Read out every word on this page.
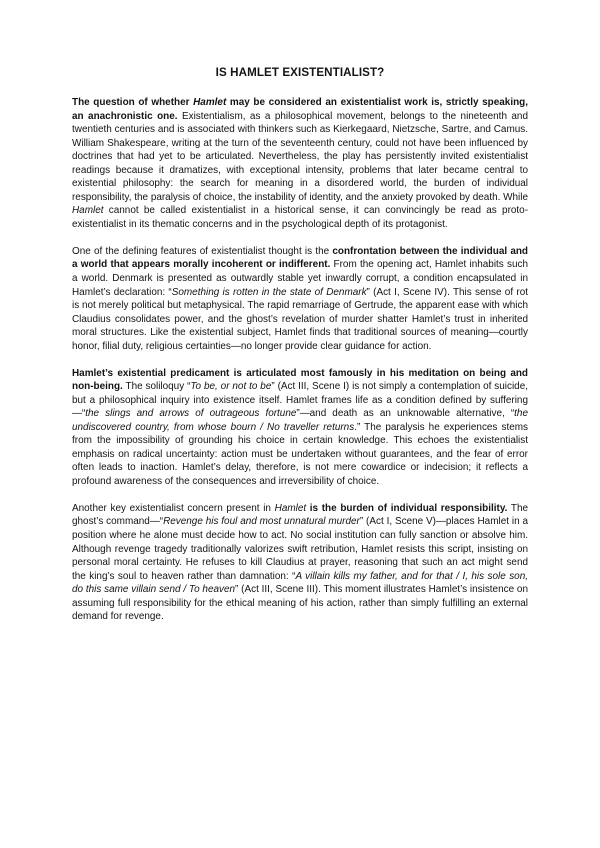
IS HAMLET EXISTENTIALIST?

The question of whether Hamlet may be considered an existentialist work is, strictly speaking, an anachronistic one. Existentialism, as a philosophical movement, belongs to the nineteenth and twentieth centuries and is associated with thinkers such as Kierkegaard, Nietzsche, Sartre, and Camus. William Shakespeare, writing at the turn of the seventeenth century, could not have been influenced by doctrines that had yet to be articulated. Nevertheless, the play has persistently invited existentialist readings because it dramatizes, with exceptional intensity, problems that later became central to existential philosophy: the search for meaning in a disordered world, the burden of individual responsibility, the paralysis of choice, the instability of identity, and the anxiety provoked by death. While Hamlet cannot be called existentialist in a historical sense, it can convincingly be read as proto-existentialist in its thematic concerns and in the psychological depth of its protagonist.

One of the defining features of existentialist thought is the confrontation between the individual and a world that appears morally incoherent or indifferent. From the opening act, Hamlet inhabits such a world. Denmark is presented as outwardly stable yet inwardly corrupt, a condition encapsulated in Hamlet’s declaration: “Something is rotten in the state of Denmark” (Act I, Scene IV). This sense of rot is not merely political but metaphysical. The rapid remarriage of Gertrude, the apparent ease with which Claudius consolidates power, and the ghost’s revelation of murder shatter Hamlet’s trust in inherited moral structures. Like the existential subject, Hamlet finds that traditional sources of meaning—courtly honor, filial duty, religious certainties—no longer provide clear guidance for action.

Hamlet’s existential predicament is articulated most famously in his meditation on being and non-being. The soliloquy “To be, or not to be” (Act III, Scene I) is not simply a contemplation of suicide, but a philosophical inquiry into existence itself. Hamlet frames life as a condition defined by suffering—“the slings and arrows of outrageous fortune”—and death as an unknowable alternative, “the undiscovered country, from whose bourn / No traveller returns.” The paralysis he experiences stems from the impossibility of grounding his choice in certain knowledge. This echoes the existentialist emphasis on radical uncertainty: action must be undertaken without guarantees, and the fear of error often leads to inaction. Hamlet’s delay, therefore, is not mere cowardice or indecision; it reflects a profound awareness of the consequences and irreversibility of choice.

Another key existentialist concern present in Hamlet is the burden of individual responsibility. The ghost’s command—“Revenge his foul and most unnatural murder” (Act I, Scene V)—places Hamlet in a position where he alone must decide how to act. No social institution can fully sanction or absolve him. Although revenge tragedy traditionally valorizes swift retribution, Hamlet resists this script, insisting on personal moral certainty. He refuses to kill Claudius at prayer, reasoning that such an act might send the king’s soul to heaven rather than damnation: “A villain kills my father, and for that / I, his sole son, do this same villain send / To heaven” (Act III, Scene III). This moment illustrates Hamlet’s insistence on assuming full responsibility for the ethical meaning of his action, rather than simply fulfilling an external demand for revenge.
